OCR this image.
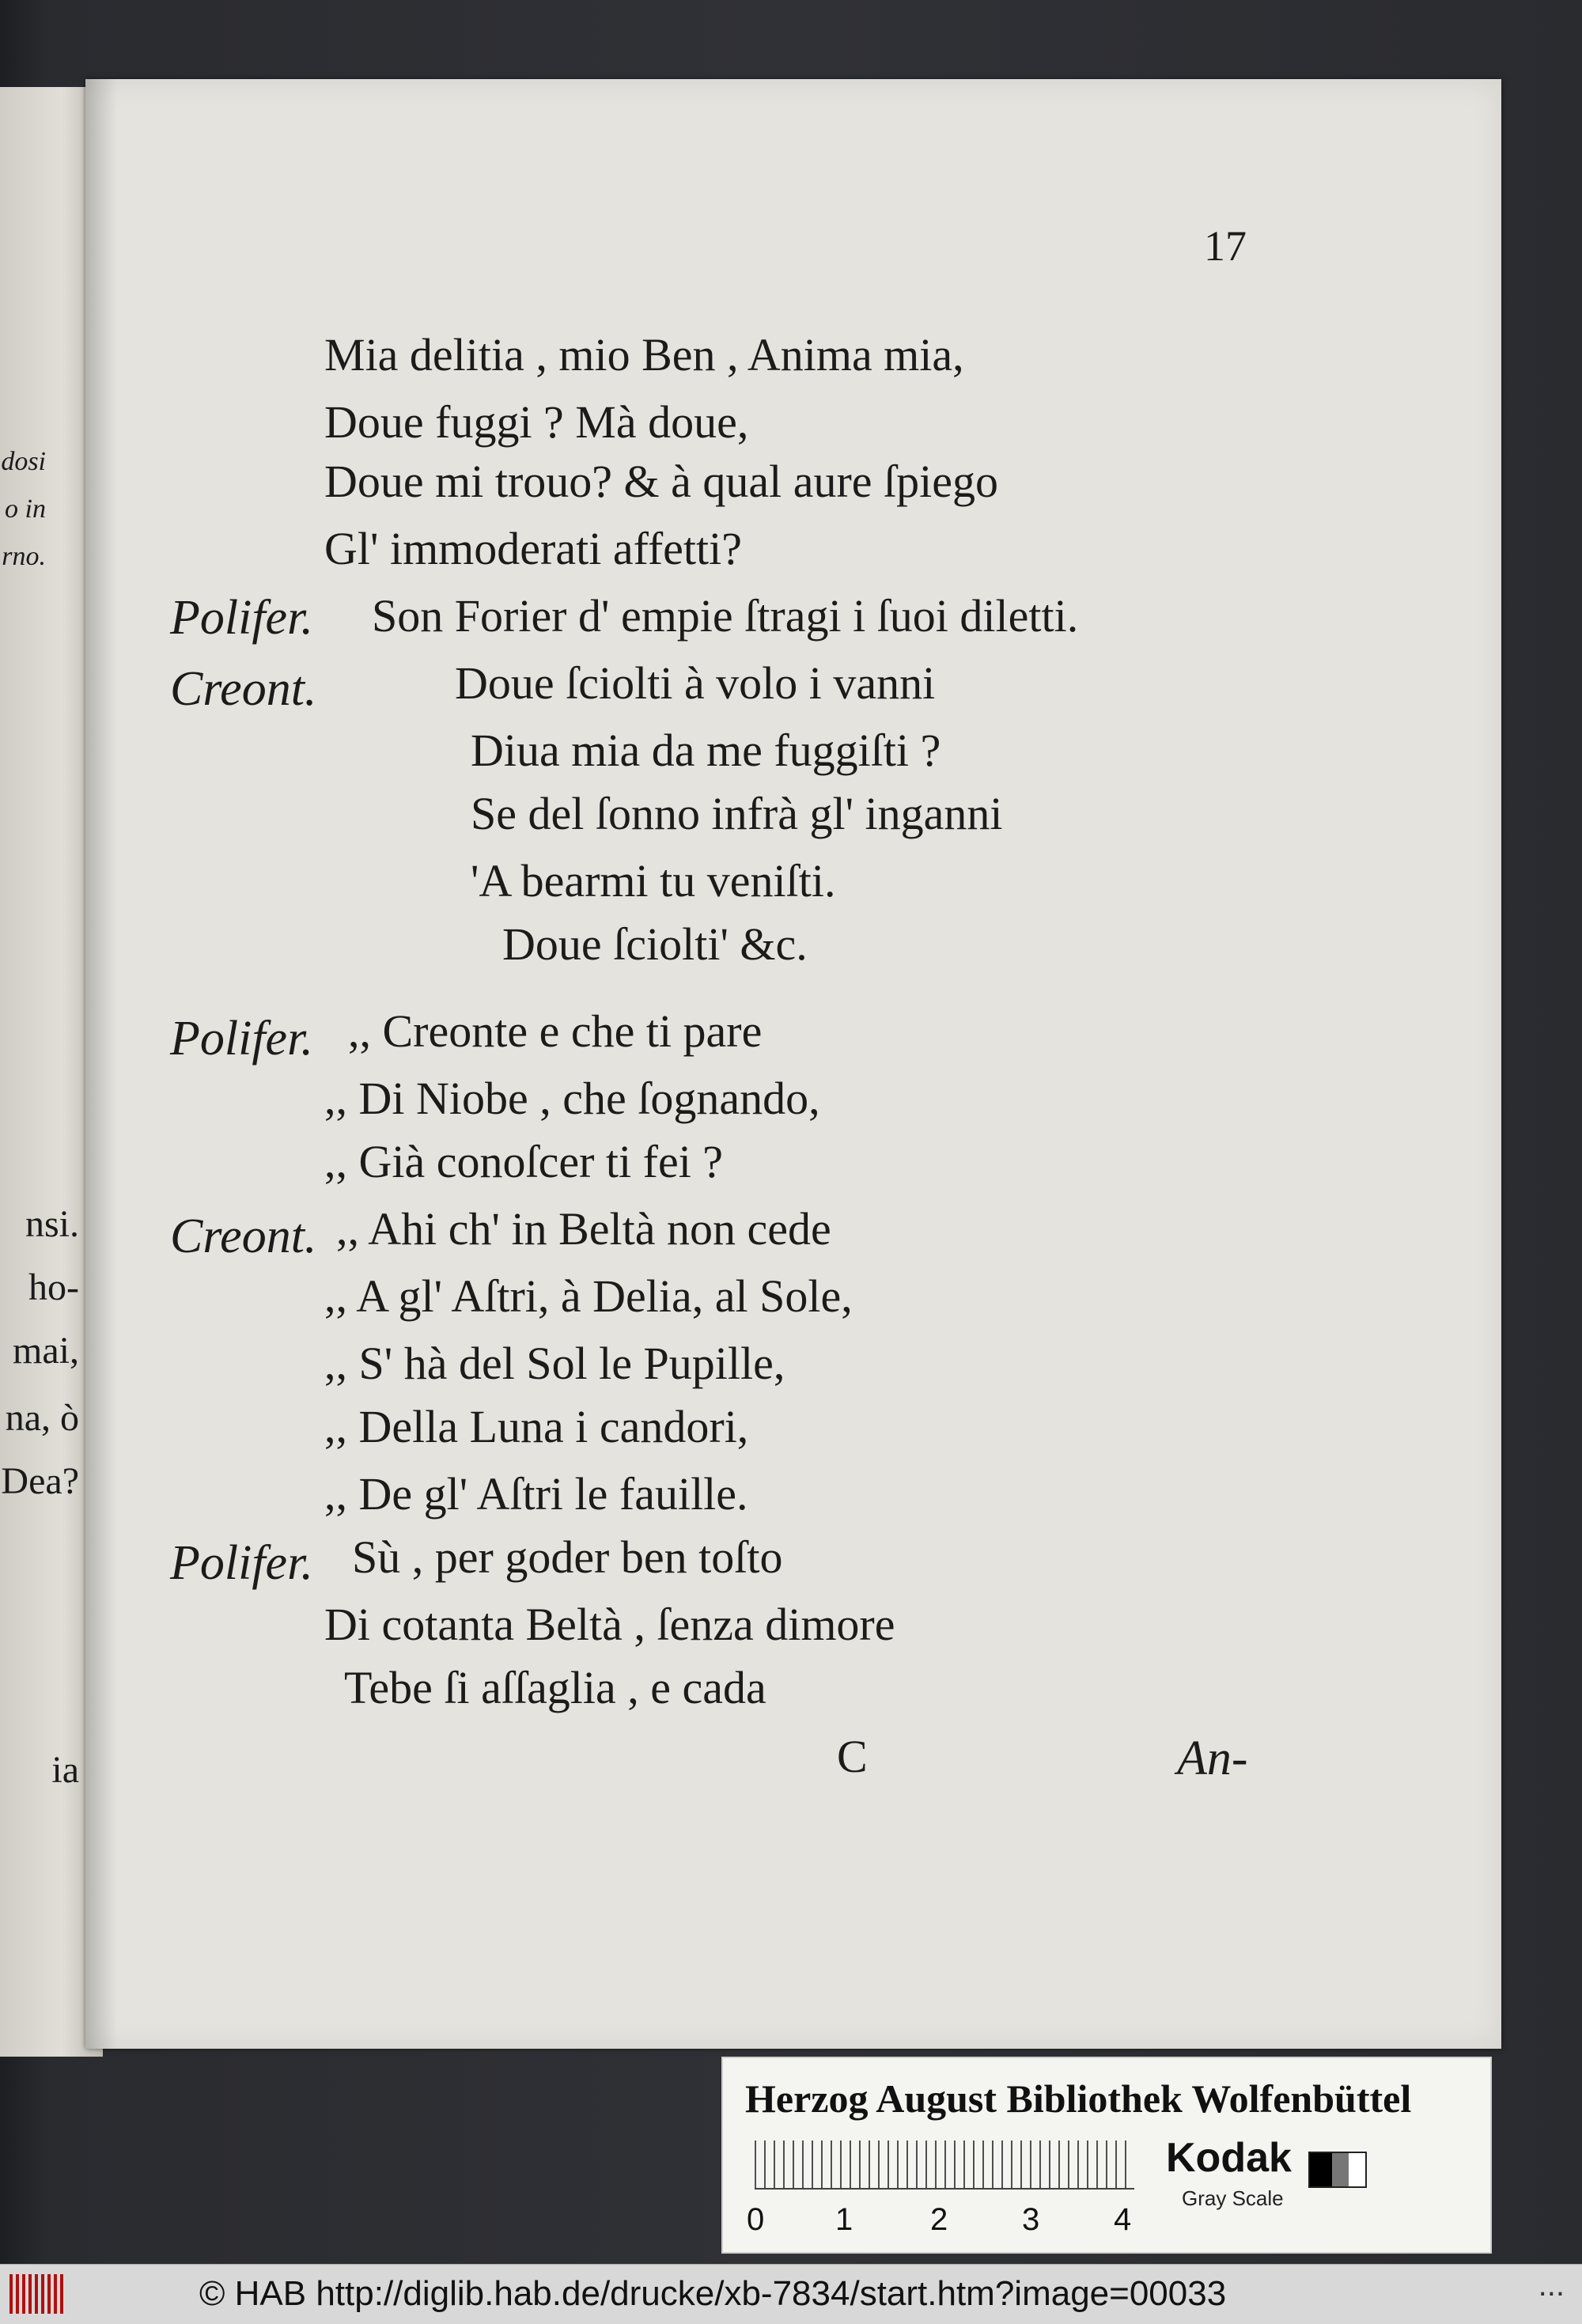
dosi
o in
rno.
nsi.
ho-
mai,
na, ò
Dea?
ia
17
Mia delitia , mio Ben , Anima mia,
Doue fuggi ? Mà doue,
Doue mi trouo? & à qual aure ſpiego
Gl' immoderati affetti?
Polifer. Son Forier d' empie ſtragi i ſuoi diletti.
Creont.	Doue ſciolti à volo i vanni
Diua mia da me fuggiſti ?
Se del ſonno infrà gl' inganni
'A bearmi tu veniſti.
Doue ſciolti' &c.
Polifer. ,, Creonte e che ti pare
,, Di Niobe , che ſognando,
,, Già conoſcer ti fei ?
Creont. ,, Ahi ch' in Beltà non cede
,, A gl' Aſtri, à Delia, al Sole,
,, S' hà del Sol le Pupille,
,, Della Luna i candori,
,, De gl' Aſtri le fauille.
Polifer. Sù , per goder ben toſto
Di cotanta Beltà , ſenza dimore
Tebe ſi aſſaglia , e cada
C	An-
Herzog August Bibliothek Wolfenbüttel
0 1 2 3 4
Kodak
Gray Scale
© HAB http://diglib.hab.de/drucke/xb-7834/start.htm?image=00033	...
